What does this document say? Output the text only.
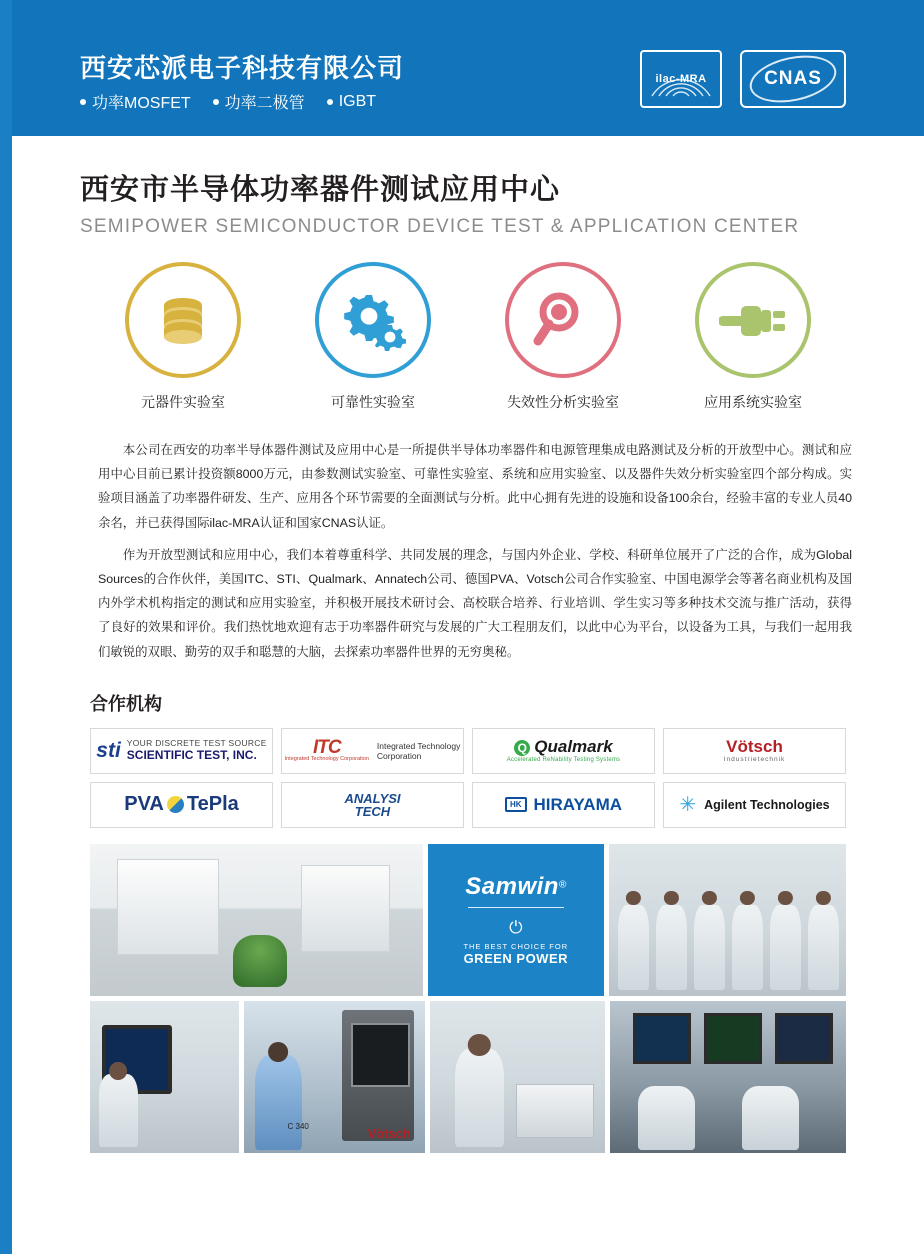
西安芯派电子科技有限公司
功率MOSFET 功率二极管 IGBT
ilac-MRA	CNAS
西安市半导体功率器件测试应用中心
SEMIPOWER SEMICONDUCTOR DEVICE TEST & APPLICATION CENTER
元器件实验室	可靠性实验室	失效性分析实验室	应用系统实验室

本公司在西安的功率半导体器件测试及应用中心是一所提供半导体功率器件和电源管理集成电路测试及分析的开放型中心。测试和应用中心目前已累计投资额8000万元，由参数测试实验室、可靠性实验室、系统和应用实验室、以及器件失效分析实验室四个部分构成。实验项目涵盖了功率器件研发、生产、应用各个环节需要的全面测试与分析。此中心拥有先进的设施和设备100余台，经验丰富的专业人员40余名，并已获得国际ilac-MRA认证和国家CNAS认证。

作为开放型测试和应用中心，我们本着尊重科学、共同发展的理念，与国内外企业、学校、科研单位展开了广泛的合作，成为Global Sources的合作伙伴，美国ITC、STI、Qualmark、Annatech公司、德国PVA、Votsch公司合作实验室、中国电源学会等著名商业机构及国内外学术机构指定的测试和应用实验室，并积极开展技术研讨会、高校联合培养、行业培训、学生实习等多种技术交流与推广活动，获得了良好的效果和评价。我们热忱地欢迎有志于功率器件研究与发展的广大工程朋友们，以此中心为平台，以设备为工具，与我们一起用我们敏锐的双眼、勤劳的双手和聪慧的大脑，去探索功率器件世界的无穷奥秘。

合作机构
sti YOUR DISCRETE TEST SOURCE
SCIENTIFIC TEST, INC.	ITC
Integrated Technology Corporation
Integrated Technology
Corporation
Q Qualmark
Accelerated ReNability Testing Systems
Vötsch
Industrietechnik
PVA TePla	ANALYSI
TECH	HK HIRAYAMA	✳ Agilent Technologies
Samwin®
⏻
THE BEST CHOICE FOR
GREEN POWER
C 340	Vötsch
